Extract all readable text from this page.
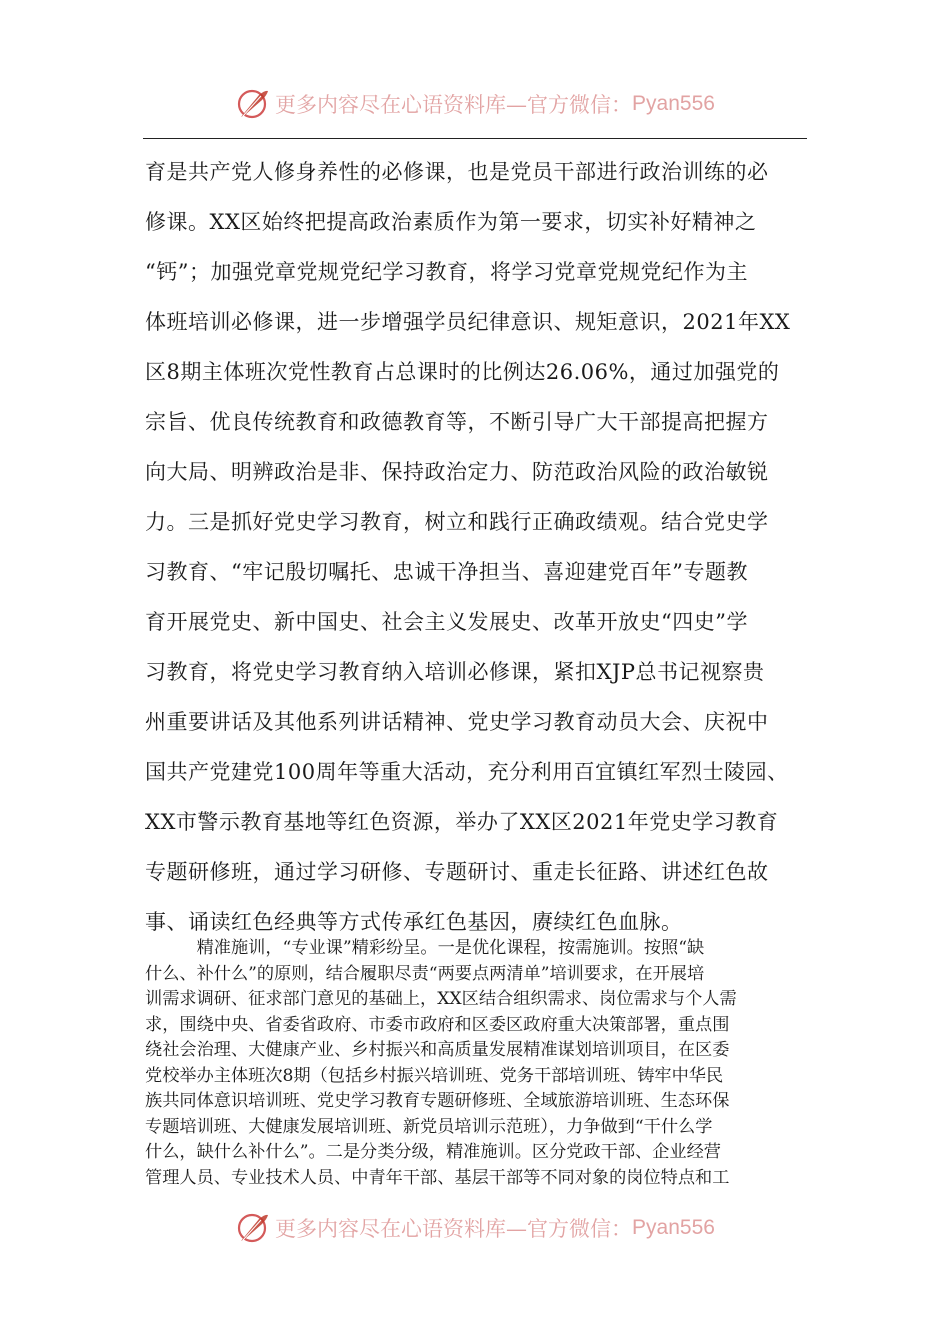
更多内容尽在心语资料库—官方微信： Pyan556
育是共产党人修身养性的必修课，也是党员干部进行政治训练的必
修课。XX区始终把提高政治素质作为第一要求，切实补好精神之
“钙”；加强党章党规党纪学习教育，将学习党章党规党纪作为主
体班培训必修课，进一步增强学员纪律意识、规矩意识，2021年XX
区8期主体班次党性教育占总课时的比例达26.06%，通过加强党的
宗旨、优良传统教育和政德教育等，不断引导广大干部提高把握方
向大局、明辨政治是非、保持政治定力、防范政治风险的政治敏锐
力。三是抓好党史学习教育，树立和践行正确政绩观。结合党史学
习教育、“牢记殷切嘱托、忠诚干净担当、喜迎建党百年”专题教
育开展党史、新中国史、社会主义发展史、改革开放史“四史”学
习教育，将党史学习教育纳入培训必修课，紧扣XJP总书记视察贵
州重要讲话及其他系列讲话精神、党史学习教育动员大会、庆祝中
国共产党建党100周年等重大活动，充分利用百宜镇红军烈士陵园、
XX市警示教育基地等红色资源，举办了XX区2021年党史学习教育
专题研修班，通过学习研修、专题研讨、重走长征路、讲述红色故
事、诵读红色经典等方式传承红色基因，赓续红色血脉。
　　　精准施训，“专业课”精彩纷呈。一是优化课程，按需施训。按照“缺
什么、补什么”的原则，结合履职尽责“两要点两清单”培训要求，在开展培
训需求调研、征求部门意见的基础上，XX区结合组织需求、岗位需求与个人需
求，围绕中央、省委省政府、市委市政府和区委区政府重大决策部署，重点围
绕社会治理、大健康产业、乡村振兴和高质量发展精准谋划培训项目，在区委
党校举办主体班次8期（包括乡村振兴培训班、党务干部培训班、铸牢中华民
族共同体意识培训班、党史学习教育专题研修班、全域旅游培训班、生态环保
专题培训班、大健康发展培训班、新党员培训示范班），力争做到“干什么学
什么，缺什么补什么”。二是分类分级，精准施训。区分党政干部、企业经营
管理人员、专业技术人员、中青年干部、基层干部等不同对象的岗位特点和工
更多内容尽在心语资料库—官方微信： Pyan556
